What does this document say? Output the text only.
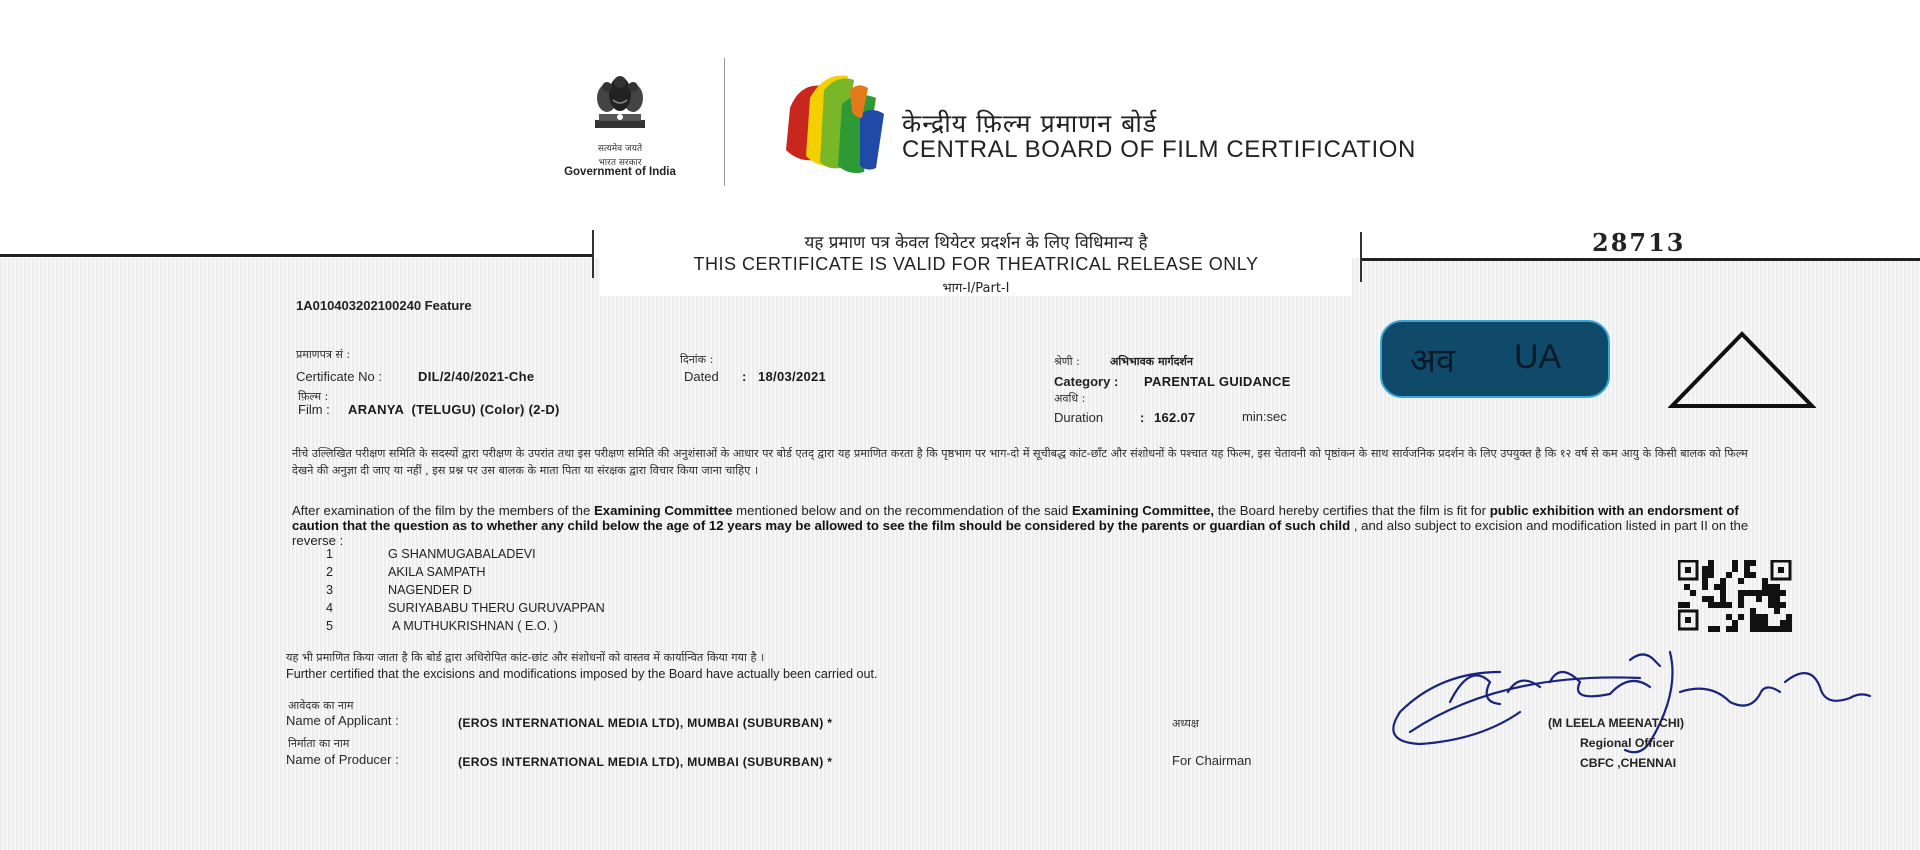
सत्यमेव जयते
भारत सरकार
Government of India
केन्द्रीय फ़िल्म प्रमाणन बोर्ड
CENTRAL BOARD OF FILM CERTIFICATION
यह प्रमाण पत्र केवल थियेटर प्रदर्शन के लिए विधिमान्य है
THIS CERTIFICATE IS VALID FOR THEATRICAL RELEASE ONLY
भाग-I/Part-I
28713
1A010403202100240 Feature
प्रमाणपत्र सं :
Certificate No :	DIL/2/40/2021-Che
दिनांक :
Dated : 18/03/2021
फ़िल्म :
Film : ARANYA  (TELUGU) (Color) (2-D)
श्रेणी :	अभिभावक मार्गदर्शन
Category : PARENTAL GUIDANCE
अवधि :
Duration	: 162.07	min:sec
अव UA
नीचे उल्लिखित परीक्षण समिति के सदस्यों द्वारा परीक्षण के उपरांत तथा इस परीक्षण समिति की अनुशंसाओं के आधार पर बोर्ड एतद् द्वारा यह प्रमाणित करता है कि पृष्ठभाग पर भाग-दो में सूचीबद्ध कांट-छाँट और संशोधनों के पश्चात यह फिल्म, इस चेतावनी को पृष्ठांकन के साथ सार्वजनिक प्रदर्शन के लिए उपयुक्त है कि १२ वर्ष से कम आयु के किसी बालक को फिल्म देखने की अनुज्ञा दी जाए या नहीं , इस प्रश्न पर उस बालक के माता पिता या संरक्षक द्वारा विचार किया जाना चाहिए ।
After examination of the film by the members of the Examining Committee mentioned below and on the recommendation of the said Examining Committee, the Board hereby certifies that the film is fit for public exhibition with an endorsment of caution that the question as to whether any child below the age of 12 years may be allowed to see the film should be considered by the parents or guardian of such child , and also subject to excision and modification listed in part II on the reverse :
1	G SHANMUGABALADEVI
2	AKILA SAMPATH
3	NAGENDER D
4	SURIYABABU THERU GURUVAPPAN
5	A MUTHUKRISHNAN ( E.O. )
यह भी प्रमाणित किया जाता है कि बोर्ड द्वारा अधिरोपित कांट-छांट और संशोधनों को वास्तव में कार्यान्वित किया गया है ।
Further certified that the excisions and modifications imposed by the Board have actually been carried out.
आवेदक का नाम
Name of Applicant :	(EROS INTERNATIONAL MEDIA LTD), MUMBAI (SUBURBAN) *
निर्माता का नाम
Name of Producer :	(EROS INTERNATIONAL MEDIA LTD), MUMBAI (SUBURBAN) *
अध्यक्ष
For Chairman
(M LEELA MEENATCHI)
Regional Officer
CBFC ,CHENNAI
